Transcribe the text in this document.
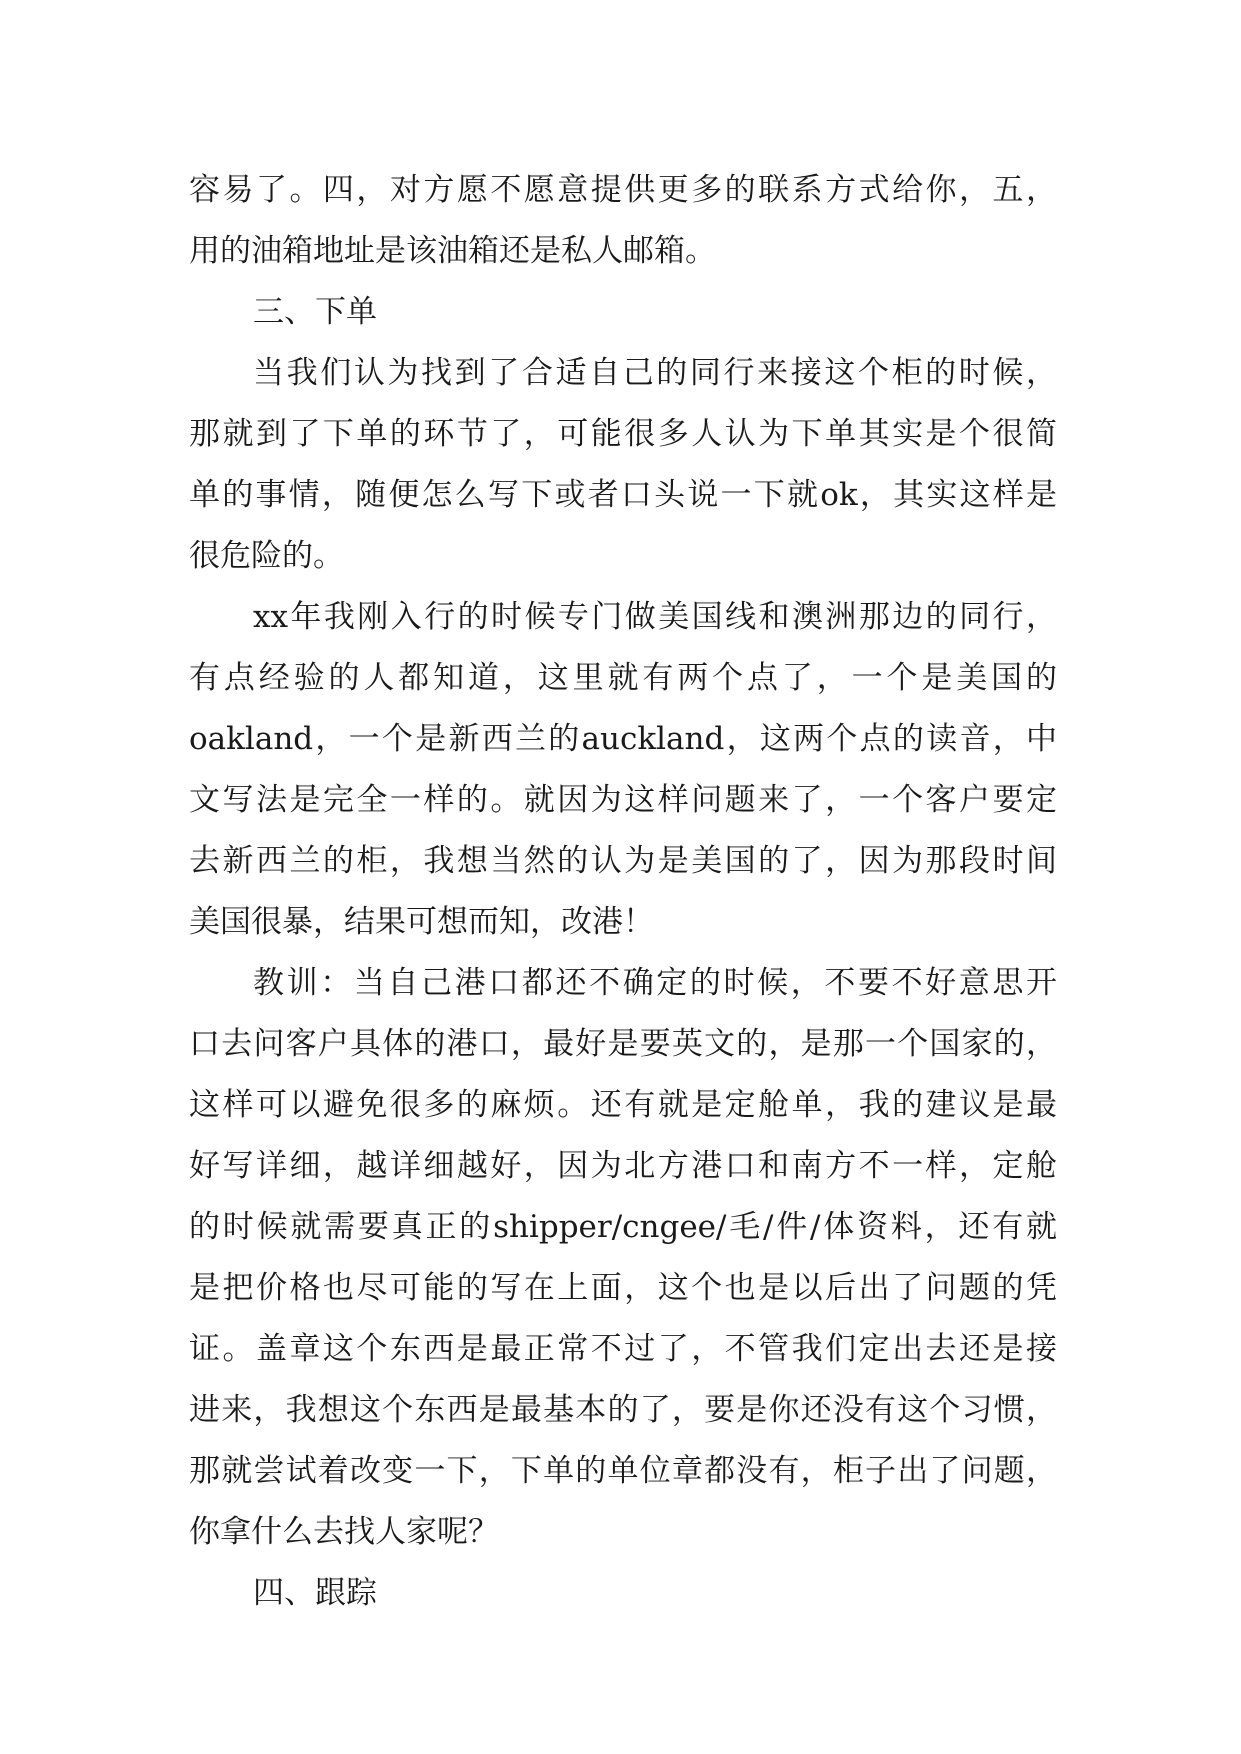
容易了。四，对方愿不愿意提供更多的联系方式给你，五，
用的油箱地址是该油箱还是私人邮箱。
三、下单
当我们认为找到了合适自己的同行来接这个柜的时候，
那就到了下单的环节了，可能很多人认为下单其实是个很简
单的事情，随便怎么写下或者口头说一下就ok，其实这样是
很危险的。
xx年我刚入行的时候专门做美国线和澳洲那边的同行，
有点经验的人都知道，这里就有两个点了，一个是美国的
oakland，一个是新西兰的auckland，这两个点的读音，中
文写法是完全一样的。就因为这样问题来了，一个客户要定
去新西兰的柜，我想当然的认为是美国的了，因为那段时间
美国很暴，结果可想而知，改港！
教训：当自己港口都还不确定的时候，不要不好意思开
口去问客户具体的港口，最好是要英文的，是那一个国家的，
这样可以避免很多的麻烦。还有就是定舱单，我的建议是最
好写详细，越详细越好，因为北方港口和南方不一样，定舱
的时候就需要真正的shipper/cngee/毛/件/体资料，还有就
是把价格也尽可能的写在上面，这个也是以后出了问题的凭
证。盖章这个东西是最正常不过了，不管我们定出去还是接
进来，我想这个东西是最基本的了，要是你还没有这个习惯，
那就尝试着改变一下，下单的单位章都没有，柜子出了问题，
你拿什么去找人家呢？
四、跟踪
